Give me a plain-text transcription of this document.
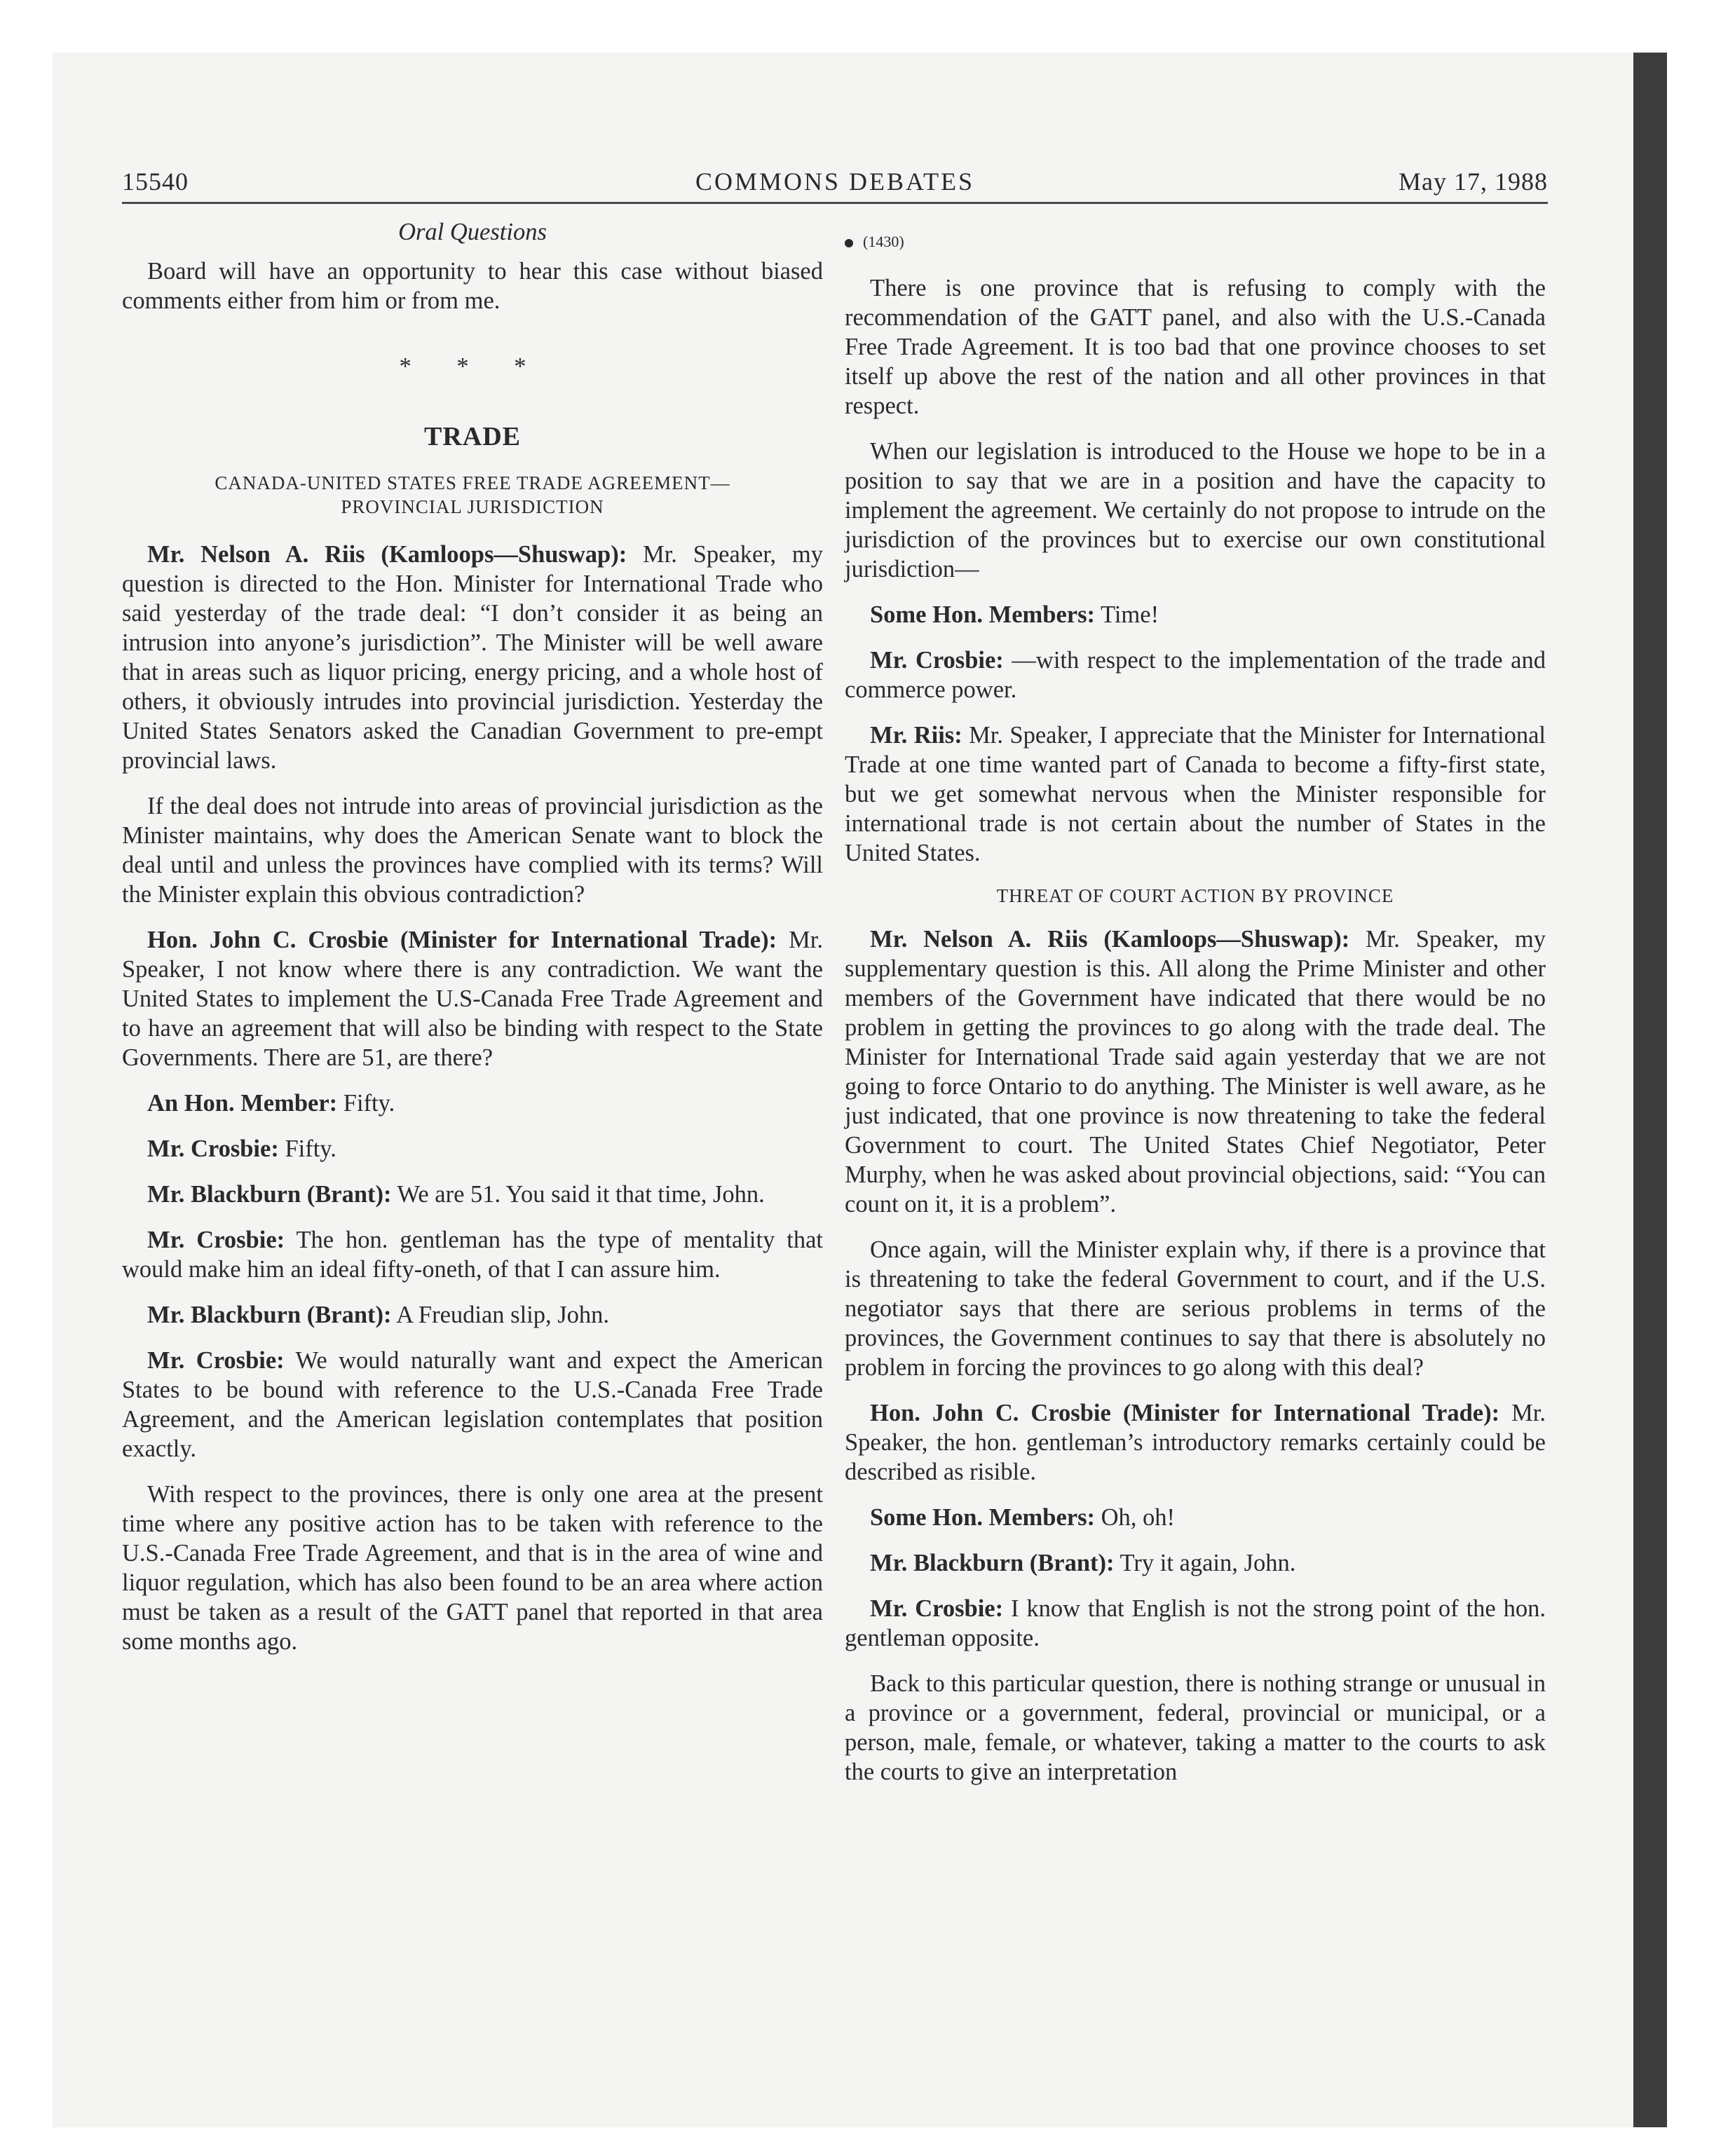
15540	COMMONS DEBATES	May 17, 1988
Oral Questions

Board will have an opportunity to hear this case without biased comments either from him or from me.

* * *
TRADE
CANADA-UNITED STATES FREE TRADE AGREEMENT—
PROVINCIAL JURISDICTION

Mr. Nelson A. Riis (Kamloops—Shuswap): Mr. Speaker, my question is directed to the Hon. Minister for International Trade who said yesterday of the trade deal: “I don’t consider it as being an intrusion into anyone’s jurisdiction”. The Minister will be well aware that in areas such as liquor pricing, energy pricing, and a whole host of others, it obviously intrudes into provincial jurisdiction. Yesterday the United States Senators asked the Canadian Government to pre-empt provincial laws.

If the deal does not intrude into areas of provincial jurisdiction as the Minister maintains, why does the American Senate want to block the deal until and unless the provinces have complied with its terms? Will the Minister explain this obvious contradiction?

Hon. John C. Crosbie (Minister for International Trade): Mr. Speaker, I not know where there is any contradiction. We want the United States to implement the U.S-Canada Free Trade Agreement and to have an agreement that will also be binding with respect to the State Governments. There are 51, are there?

An Hon. Member: Fifty.

Mr. Crosbie: Fifty.

Mr. Blackburn (Brant): We are 51. You said it that time, John.

Mr. Crosbie: The hon. gentleman has the type of mentality that would make him an ideal fifty-oneth, of that I can assure him.

Mr. Blackburn (Brant): A Freudian slip, John.

Mr. Crosbie: We would naturally want and expect the American States to be bound with reference to the U.S.-Canada Free Trade Agreement, and the American legislation contemplates that position exactly.

With respect to the provinces, there is only one area at the present time where any positive action has to be taken with reference to the U.S.-Canada Free Trade Agreement, and that is in the area of wine and liquor regulation, which has also been found to be an area where action must be taken as a result of the GATT panel that reported in that area some months ago.

(1430)

There is one province that is refusing to comply with the recommendation of the GATT panel, and also with the U.S.-Canada Free Trade Agreement. It is too bad that one province chooses to set itself up above the rest of the nation and all other provinces in that respect.

When our legislation is introduced to the House we hope to be in a position to say that we are in a position and have the capacity to implement the agreement. We certainly do not propose to intrude on the jurisdiction of the provinces but to exercise our own constitutional jurisdiction—

Some Hon. Members: Time!

Mr. Crosbie: —with respect to the implementation of the trade and commerce power.

Mr. Riis: Mr. Speaker, I appreciate that the Minister for International Trade at one time wanted part of Canada to become a fifty-first state, but we get somewhat nervous when the Minister responsible for international trade is not certain about the number of States in the United States.

THREAT OF COURT ACTION BY PROVINCE

Mr. Nelson A. Riis (Kamloops—Shuswap): Mr. Speaker, my supplementary question is this. All along the Prime Minister and other members of the Government have indicated that there would be no problem in getting the provinces to go along with the trade deal. The Minister for International Trade said again yesterday that we are not going to force Ontario to do anything. The Minister is well aware, as he just indicated, that one province is now threatening to take the federal Government to court. The United States Chief Negotiator, Peter Murphy, when he was asked about provincial objections, said: “You can count on it, it is a problem”.

Once again, will the Minister explain why, if there is a province that is threatening to take the federal Government to court, and if the U.S. negotiator says that there are serious problems in terms of the provinces, the Government continues to say that there is absolutely no problem in forcing the provinces to go along with this deal?

Hon. John C. Crosbie (Minister for International Trade): Mr. Speaker, the hon. gentleman’s introductory remarks certainly could be described as risible.

Some Hon. Members: Oh, oh!

Mr. Blackburn (Brant): Try it again, John.

Mr. Crosbie: I know that English is not the strong point of the hon. gentleman opposite.

Back to this particular question, there is nothing strange or unusual in a province or a government, federal, provincial or municipal, or a person, male, female, or whatever, taking a matter to the courts to ask the courts to give an interpretation
